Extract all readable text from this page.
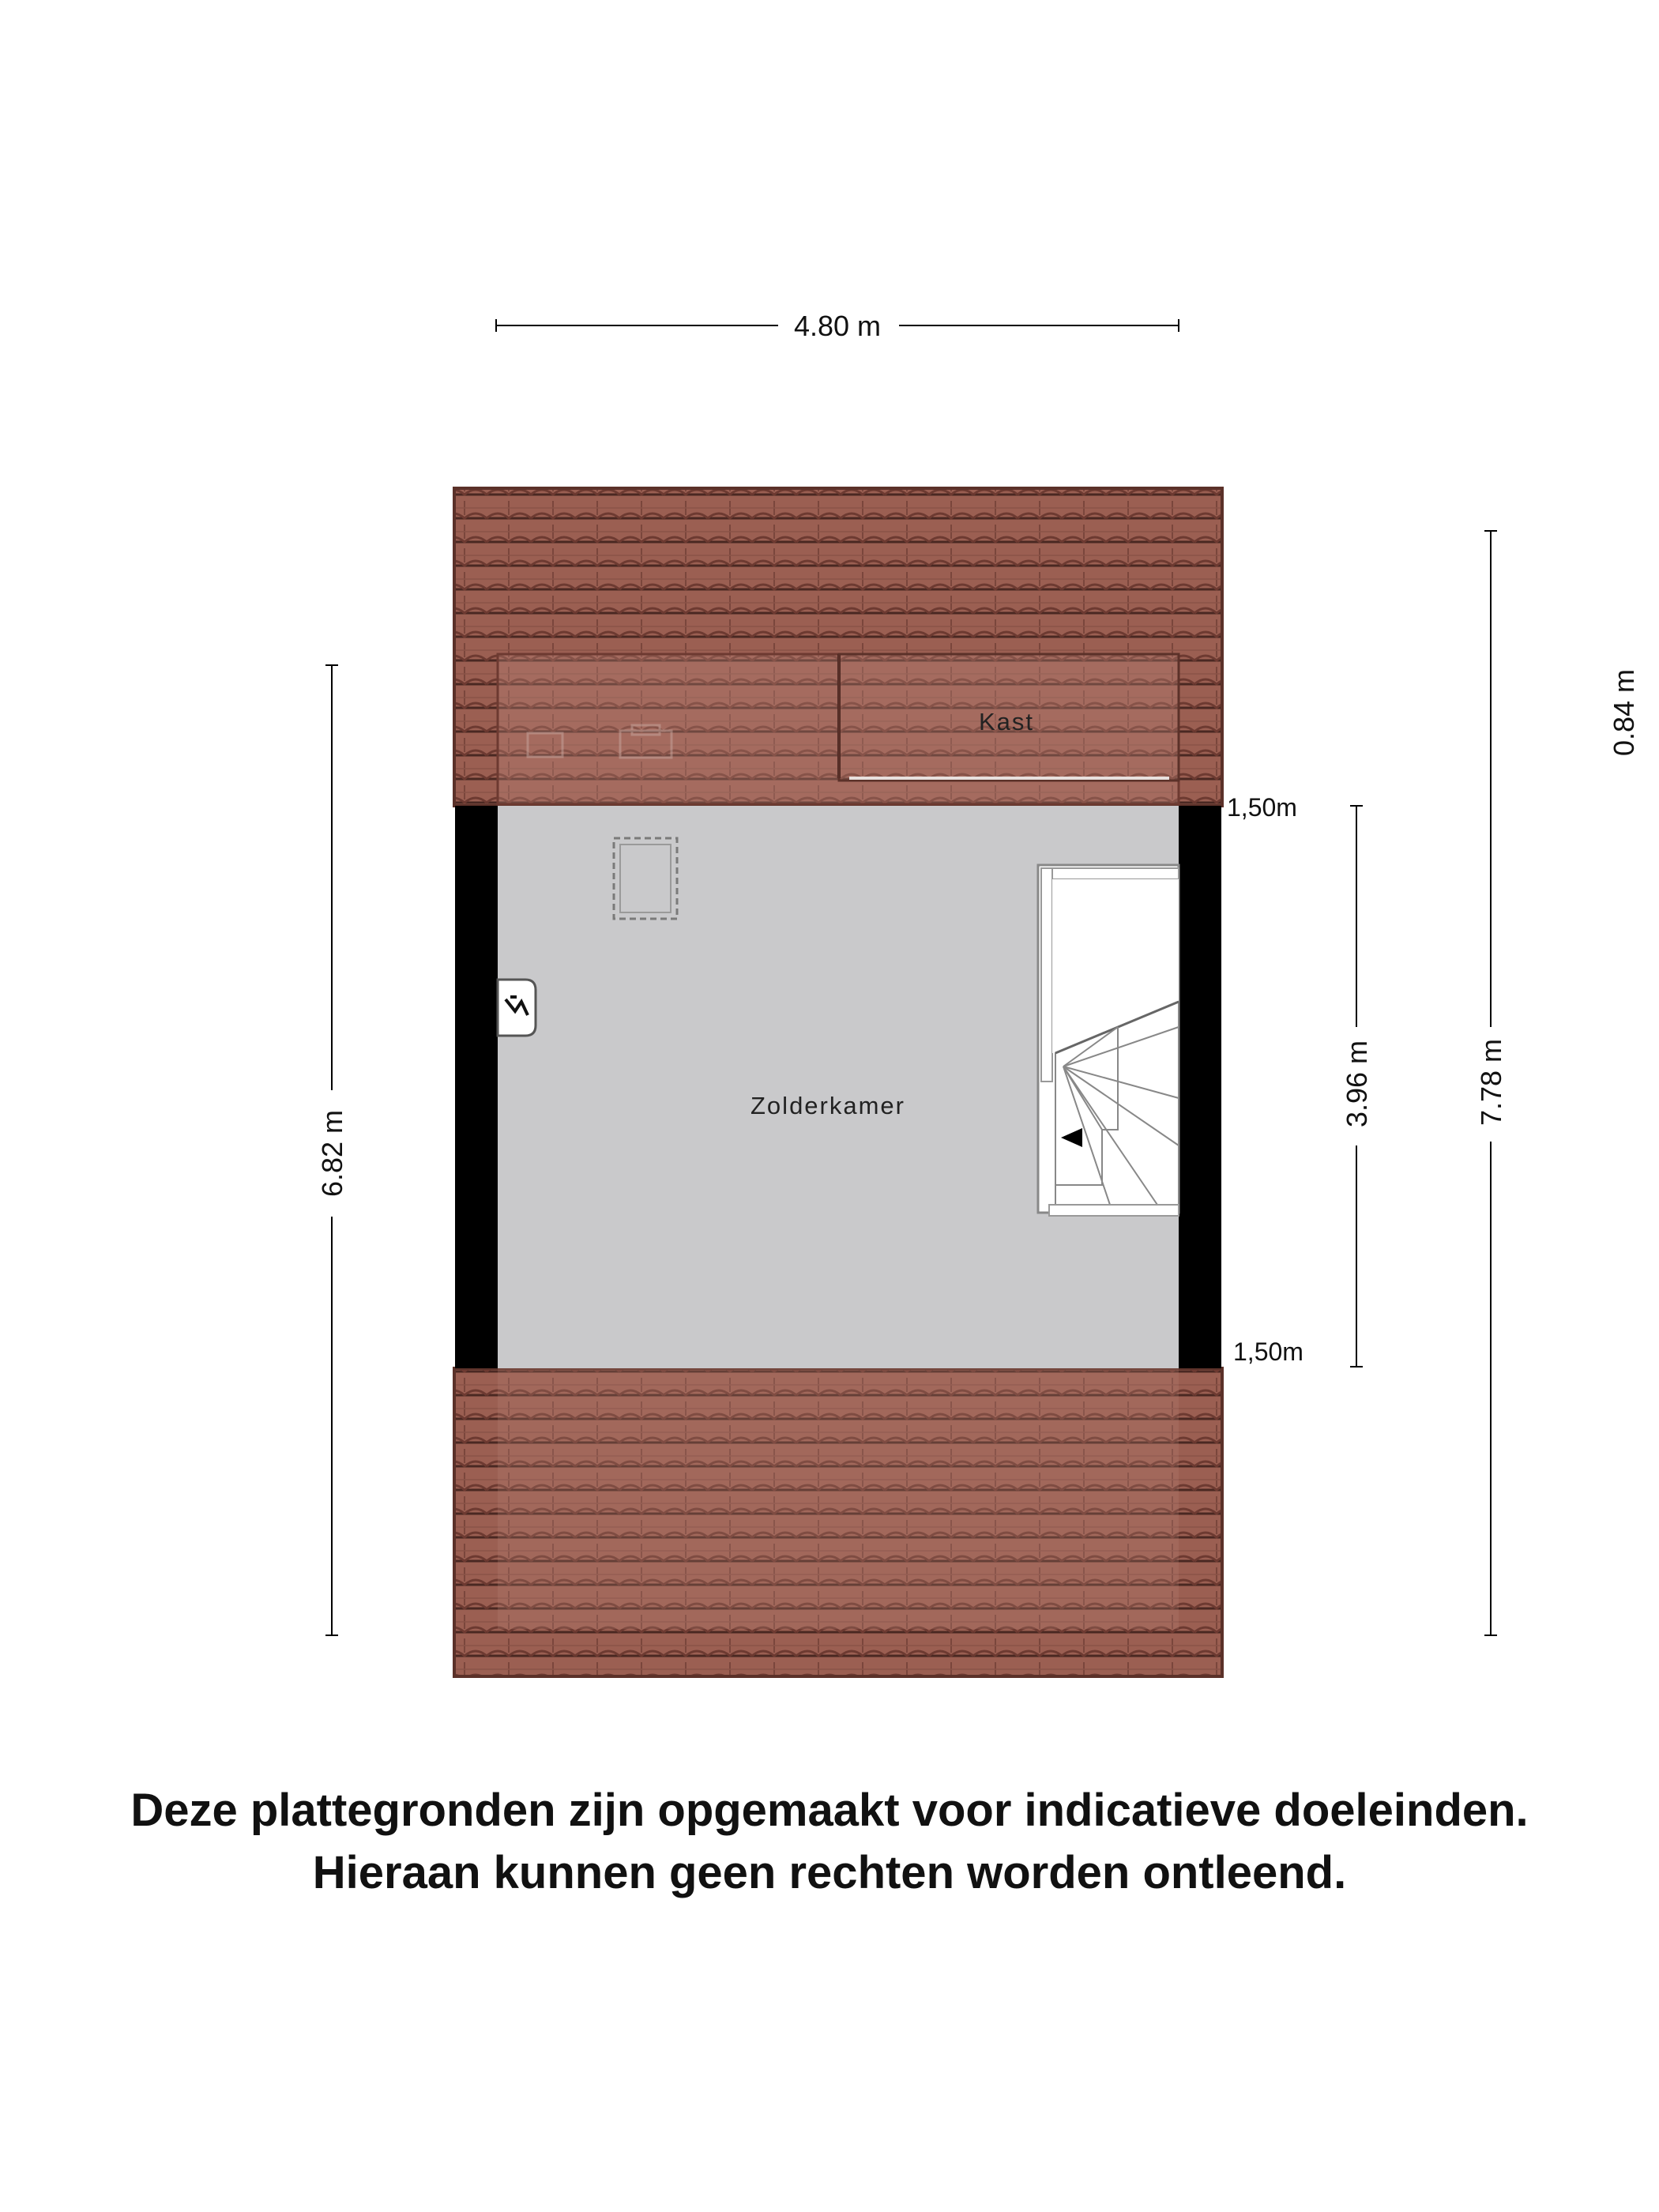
Kast
Zolderkamer
4.80 m
6.82 m
7.78 m
0.84 m
3.96 m
1,50m
1,50m
Deze plattegronden zijn opgemaakt voor indicatieve doeleinden.
Hieraan kunnen geen rechten worden ontleend.
